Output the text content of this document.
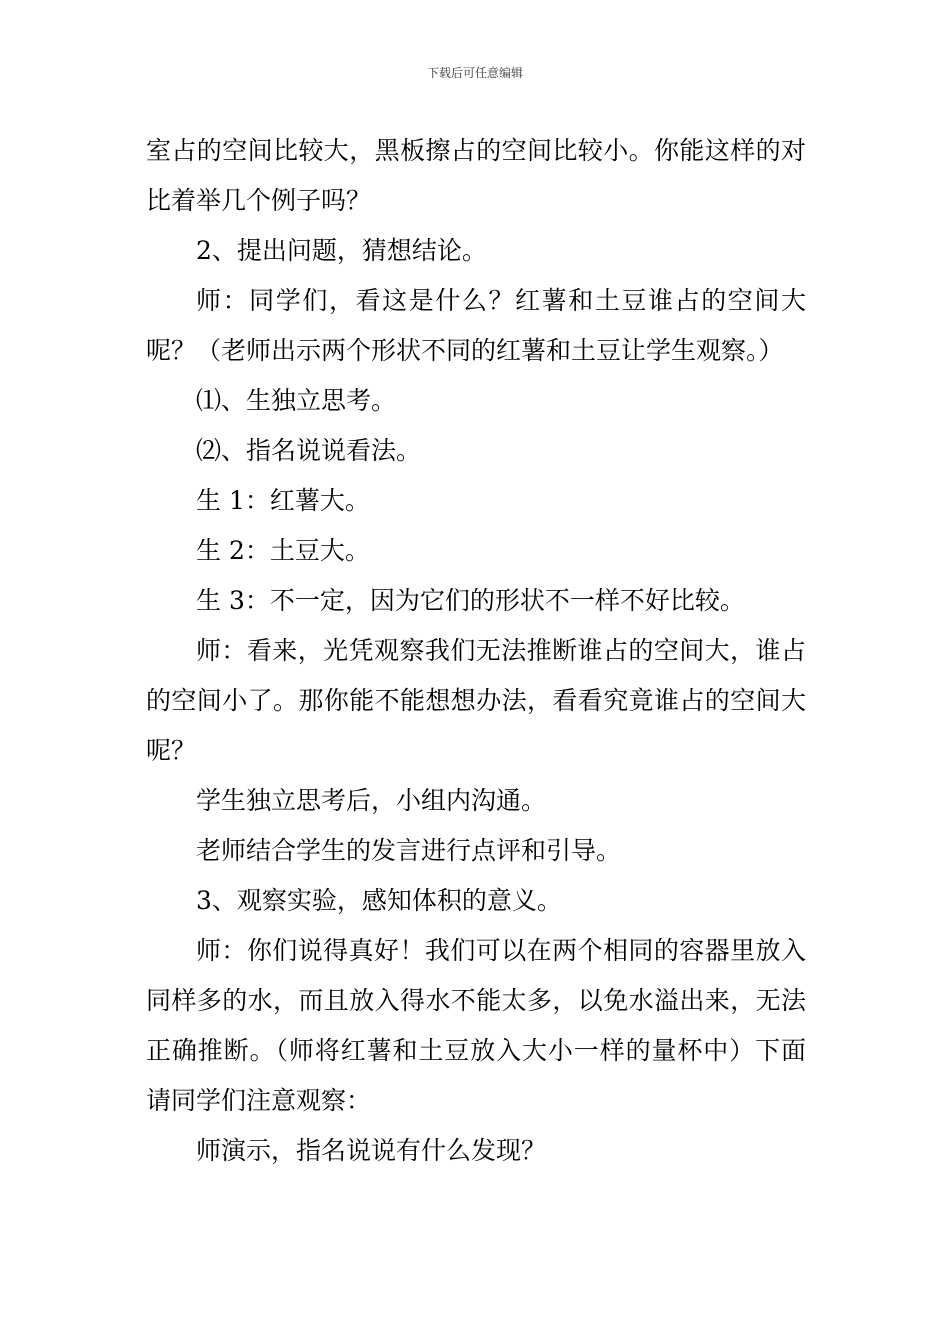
下载后可任意编辑

室占的空间比较大，黑板擦占的空间比较小。你能这样的对比着举几个例子吗？

2、提出问题，猜想结论。

师：同学们，看这是什么？红薯和土豆谁占的空间大呢？（老师出示两个形状不同的红薯和土豆让学生观察。）

⑴、生独立思考。

⑵、指名说说看法。

生 1：红薯大。

生 2：土豆大。

生 3：不一定，因为它们的形状不一样不好比较。

师：看来，光凭观察我们无法推断谁占的空间大，谁占的空间小了。那你能不能想想办法，看看究竟谁占的空间大呢？

学生独立思考后，小组内沟通。

老师结合学生的发言进行点评和引导。

3、观察实验，感知体积的意义。

师：你们说得真好！我们可以在两个相同的容器里放入同样多的水，而且放入得水不能太多，以免水溢出来，无法正确推断。（师将红薯和土豆放入大小一样的量杯中）下面请同学们注意观察：

师演示，指名说说有什么发现？
